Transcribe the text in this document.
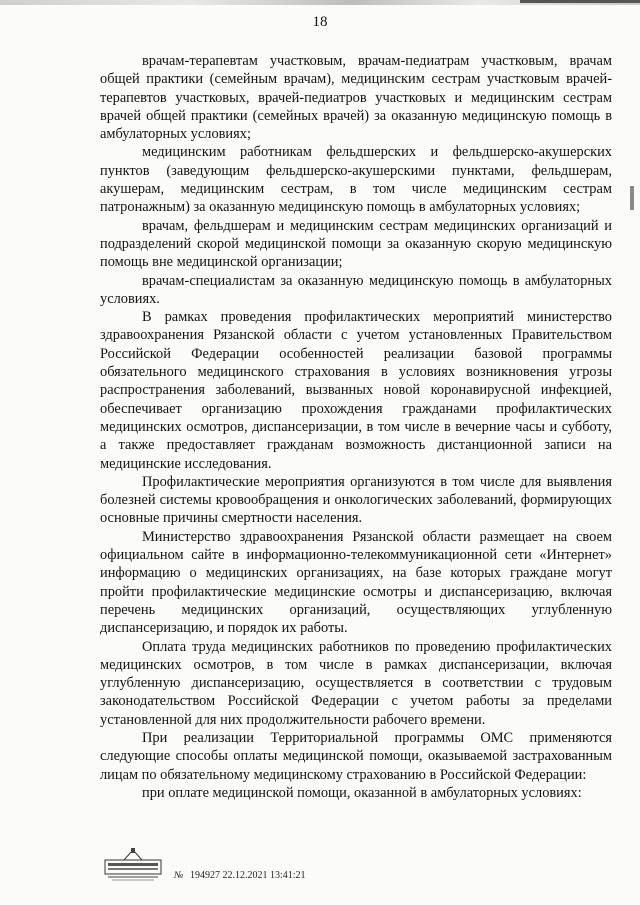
18

врачам-терапевтам участковым, врачам-педиатрам участковым, врачам общей практики (семейным врачам), медицинским сестрам участковым врачей-терапевтов участковых, врачей-педиатров участковых и медицинским сестрам врачей общей практики (семейных врачей) за оказанную медицинскую помощь в амбулаторных условиях;

медицинским работникам фельдшерских и фельдшерско-акушерских пунктов (заведующим фельдшерско-акушерскими пунктами, фельдшерам, акушерам, медицинским сестрам, в том числе медицинским сестрам патронажным) за оказанную медицинскую помощь в амбулаторных условиях;

врачам, фельдшерам и медицинским сестрам медицинских организаций и подразделений скорой медицинской помощи за оказанную скорую медицинскую помощь вне медицинской организации;

врачам-специалистам за оказанную медицинскую помощь в амбулаторных условиях.

В рамках проведения профилактических мероприятий министерство здравоохранения Рязанской области с учетом установленных Правительством Российской Федерации особенностей реализации базовой программы обязательного медицинского страхования в условиях возникновения угрозы распространения заболеваний, вызванных новой коронавирусной инфекцией, обеспечивает организацию прохождения гражданами профилактических медицинских осмотров, диспансеризации, в том числе в вечерние часы и субботу, а также предоставляет гражданам возможность дистанционной записи на медицинские исследования.

Профилактические мероприятия организуются в том числе для выявления болезней системы кровообращения и онкологических заболеваний, формирующих основные причины смертности населения.

Министерство здравоохранения Рязанской области размещает на своем официальном сайте в информационно-телекоммуникационной сети «Интернет» информацию о медицинских организациях, на базе которых граждане могут пройти профилактические медицинские осмотры и диспансеризацию, включая перечень медицинских организаций, осуществляющих углубленную диспансеризацию, и порядок их работы.

Оплата труда медицинских работников по проведению профилактических медицинских осмотров, в том числе в рамках диспансеризации, включая углубленную диспансеризацию, осуществляется в соответствии с трудовым законодательством Российской Федерации с учетом работы за пределами установленной для них продолжительности рабочего времени.

При реализации Территориальной программы ОМС применяются следующие способы оплаты медицинской помощи, оказываемой застрахованным лицам по обязательному медицинскому страхованию в Российской Федерации:

при оплате медицинской помощи, оказанной в амбулаторных условиях:

№ 194927 22.12.2021 13:41:21
